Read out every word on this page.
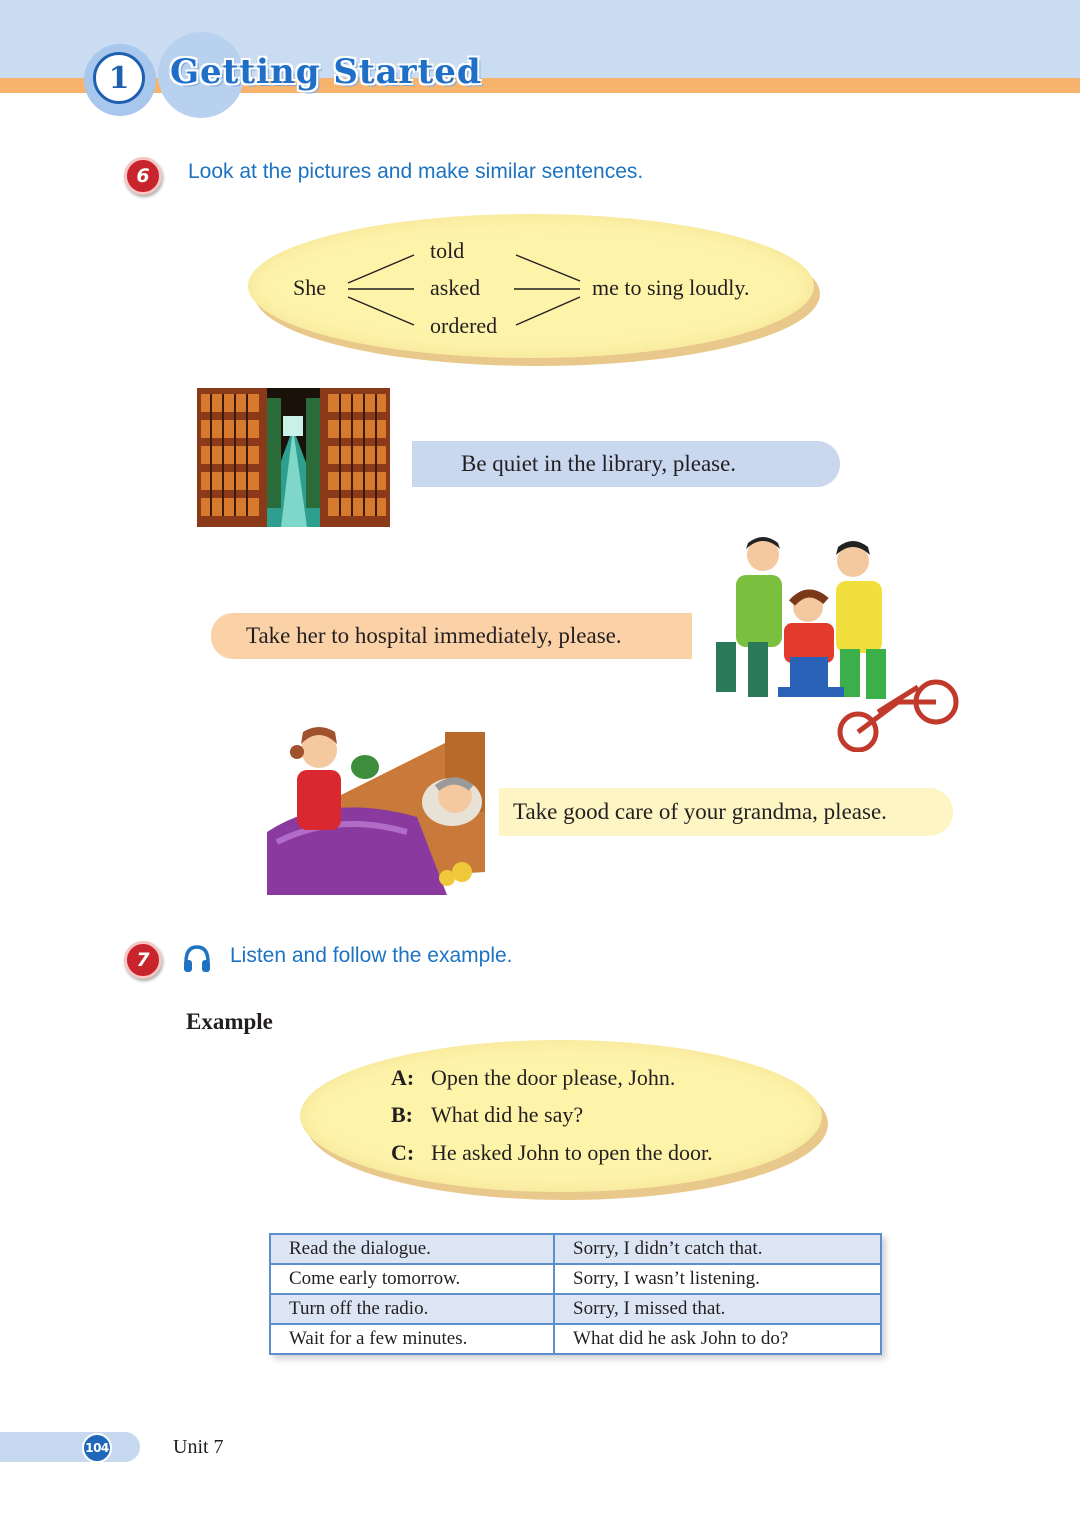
1	Getting Started
6	Look at the pictures and make similar sentences.
She
told
asked
ordered
me to sing loudly.
Be quiet in the library, please.
Take her to hospital immediately, please.
Take good care of your grandma, please.
7	Listen and follow the example.
Example
A: Open the door please, John.
B: What did he say?
C: He asked John to open the door.
Read the dialogue.	Sorry, I didn’t catch that.
Come early tomorrow.	Sorry, I wasn’t listening.
Turn off the radio.	Sorry, I missed that.
Wait for a few minutes.	What did he ask John to do?
104	Unit 7
